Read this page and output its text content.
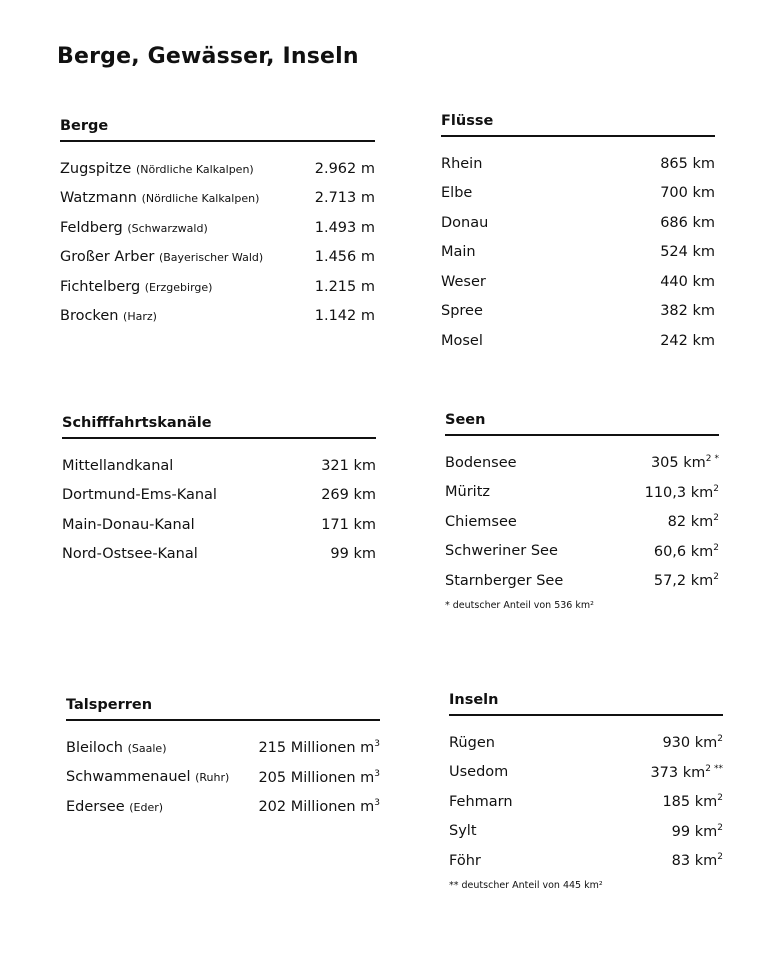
Berge, Gewässer, Inseln
Berge
Zugspitze (Nördliche Kalkalpen)	2.962 m
Watzmann (Nördliche Kalkalpen)	2.713 m
Feldberg (Schwarzwald)	1.493 m
Großer Arber (Bayerischer Wald)	1.456 m
Fichtelberg (Erzgebirge)	1.215 m
Brocken (Harz)	1.142 m
Flüsse
Rhein	865 km
Elbe	700 km
Donau	686 km
Main	524 km
Weser	440 km
Spree	382 km
Mosel	242 km
Schifffahrtskanäle
Mittellandkanal	321 km
Dortmund-Ems-Kanal	269 km
Main-Donau-Kanal	171 km
Nord-Ostsee-Kanal	99 km
Seen
Bodensee	305 $km^2$ *
Müritz	110,3 $km^2$
Chiemsee	82 $km^2$
Schweriner See	60,6 $km^2$
Starnberger See	57,2 $km^2$
* deutscher Anteil von 536 km²
Talsperren
Bleiloch (Saale)	215 Millionen $m^3$
Schwammenauel (Ruhr) 205 Millionen $m^3$
Edersee (Eder)	202 Millionen $m^3$
Inseln
Rügen	930 $km^2$
Usedom	373 $km^2$ **
Fehmarn	185 $km^2$
Sylt	99 $km^2$
Föhr	83 $km^2$
** deutscher Anteil von 445 km²
